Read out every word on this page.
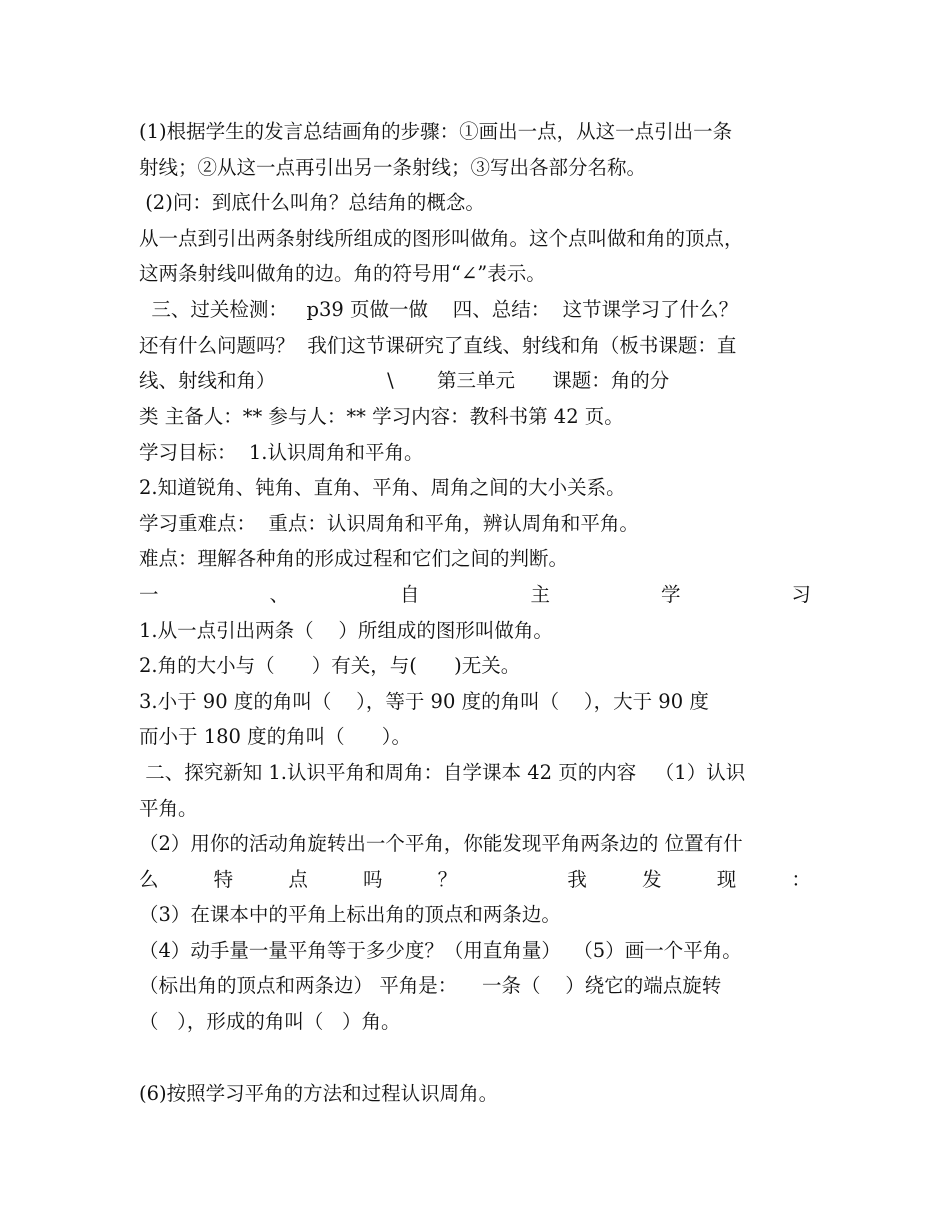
(1)根据学生的发言总结画角的步骤：①画出一点，从这一点引出一条

射线；②从这一点再引出另一条射线；③写出各部分名称。

(2)问：到底什么叫角？总结角的概念。

从一点到引出两条射线所组成的图形叫做角。这个点叫做和角的顶点，

这两条射线叫做角的边。角的符号用“∠”表示。

三、过关检测：   p39 页做一做    四、总结：  这节课学习了什么？

还有什么问题吗？  我们这节课研究了直线、射线和角（板书课题：直

线、射线和角）                  \       第三单元      课题：角的分

类 主备人：** 参与人：** 学习内容：教科书第 42 页。

学习目标：  1.认识周角和平角。

2.知道锐角、钝角、直角、平角、周角之间的大小关系。

学习重难点：  重点：认识周角和平角，辨认周角和平角。

难点：理解各种角的形成过程和它们之间的判断。

一	、	自	主	学	习

1.从一点引出两条（    ）所组成的图形叫做角。

2.角的大小与（      ）有关，与(      )无关。

3.小于 90 度的角叫（    ），等于 90 度的角叫（    ），大于 90 度

而小于 180 度的角叫（      ）。

二、探究新知 1.认识平角和周角：自学课本 42 页的内容   （1）认识

平角。

（2）用你的活动角旋转出一个平角，你能发现平角两条边的 位置有什

么	特	点	吗	？	我	发	现	：

（3）在课本中的平角上标出角的顶点和两条边。

（4）动手量一量平角等于多少度？（用直角量）  （5）画一个平角。

（标出角的顶点和两条边） 平角是：    一条（    ）绕它的端点旋转

（   ），形成的角叫（   ）角。

(6)按照学习平角的方法和过程认识周角。
